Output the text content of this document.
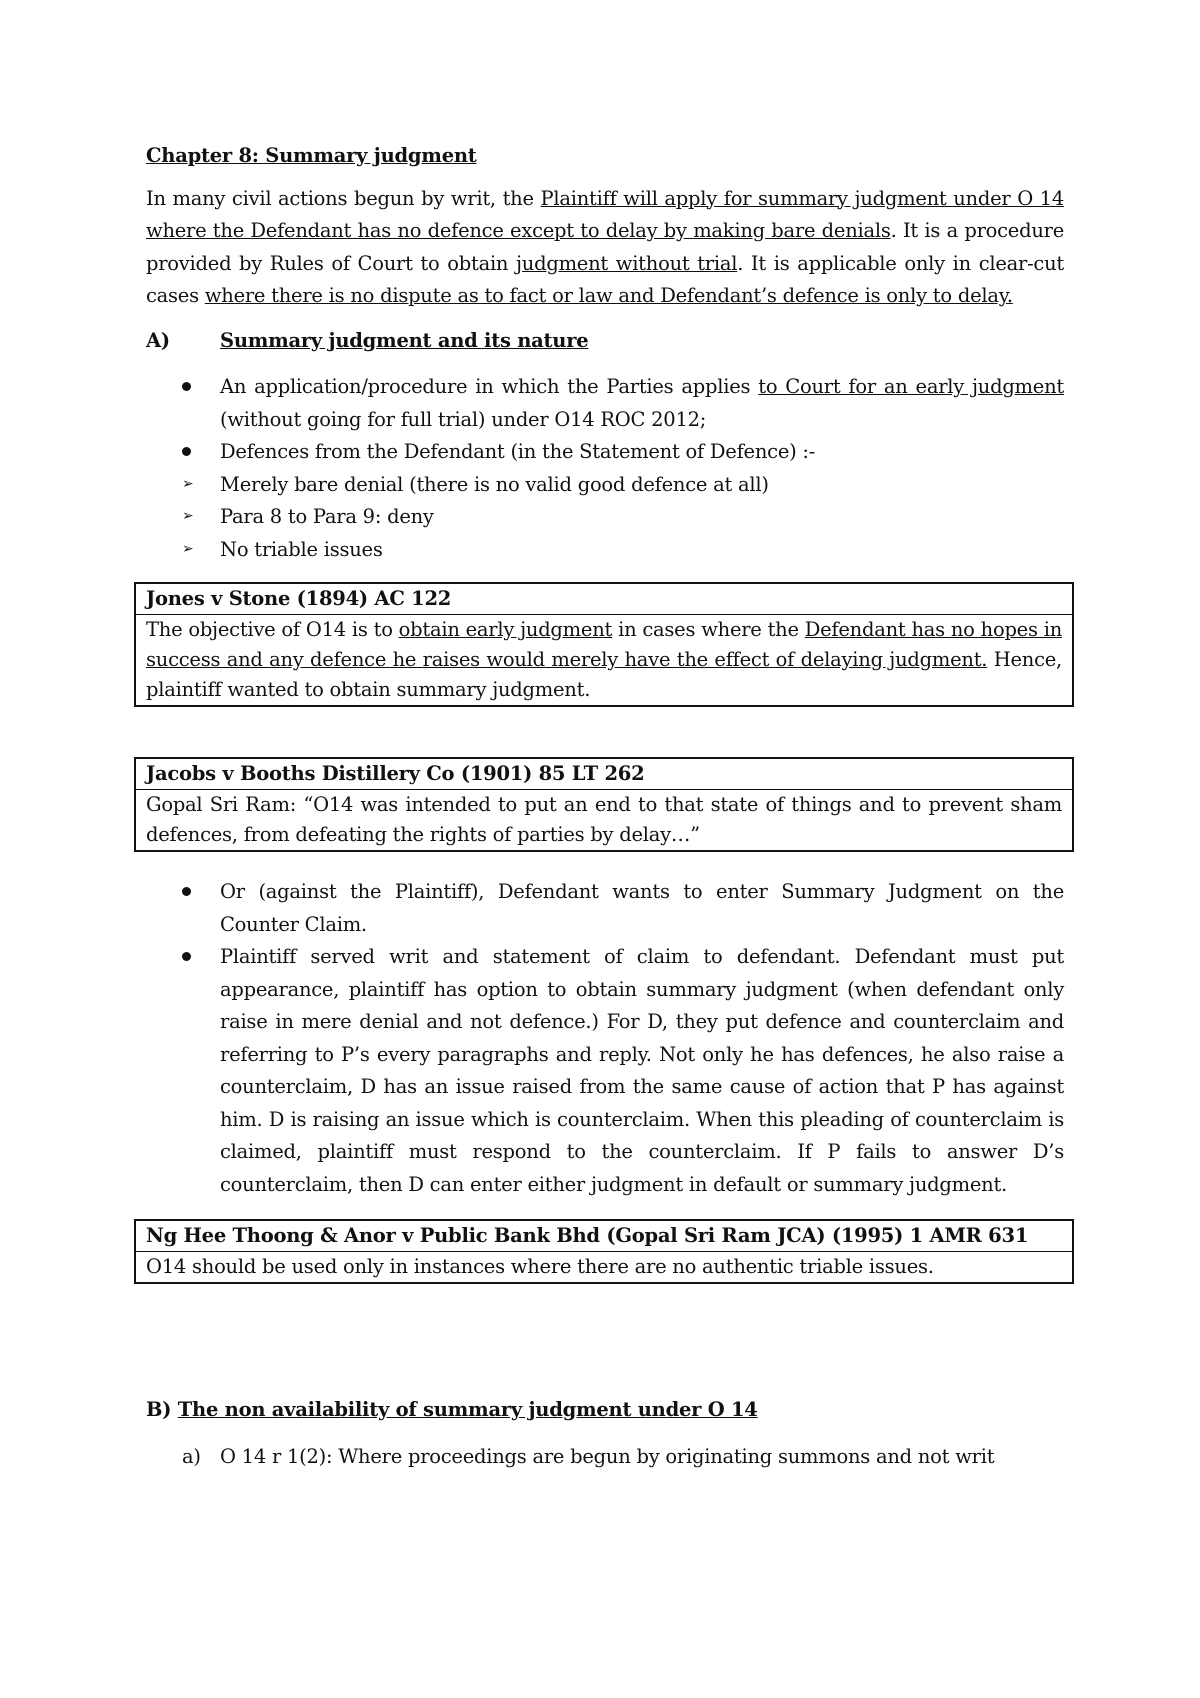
Chapter 8: Summary judgment

In many civil actions begun by writ, the Plaintiff will apply for summary judgment under O 14 where the Defendant has no defence except to delay by making bare denials. It is a procedure provided by Rules of Court to obtain judgment without trial. It is applicable only in clear-cut cases where there is no dispute as to fact or law and Defendant’s defence is only to delay.

A)	Summary judgment and its nature
An application/procedure in which the Parties applies to Court for an early judgment (without going for full trial) under O14 ROC 2012;
Defences from the Defendant (in the Statement of Defence) :-
➢	Merely bare denial (there is no valid good defence at all)
➢	Para 8 to Para 9: deny
➢	No triable issues
Jones v Stone (1894) AC 122
The objective of O14 is to obtain early judgment in cases where the Defendant has no hopes in success and any defence he raises would merely have the effect of delaying judgment. Hence, plaintiff wanted to obtain summary judgment.
Jacobs v Booths Distillery Co (1901) 85 LT 262
Gopal Sri Ram: “O14 was intended to put an end to that state of things and to prevent sham defences, from defeating the rights of parties by delay…”
Or (against the Plaintiff), Defendant wants to enter Summary Judgment on the Counter Claim.
Plaintiff served writ and statement of claim to defendant. Defendant must put appearance, plaintiff has option to obtain summary judgment (when defendant only raise in mere denial and not defence.) For D, they put defence and counterclaim and referring to P’s every paragraphs and reply. Not only he has defences, he also raise a counterclaim, D has an issue raised from the same cause of action that P has against him. D is raising an issue which is counterclaim. When this pleading of counterclaim is claimed, plaintiff must respond to the counterclaim. If P fails to answer D’s counterclaim, then D can enter either judgment in default or summary judgment.
Ng Hee Thoong & Anor v Public Bank Bhd (Gopal Sri Ram JCA) (1995) 1 AMR 631
O14 should be used only in instances where there are no authentic triable issues.
B) The non availability of summary judgment under O 14
a) O 14 r 1(2): Where proceedings are begun by originating summons and not writ
